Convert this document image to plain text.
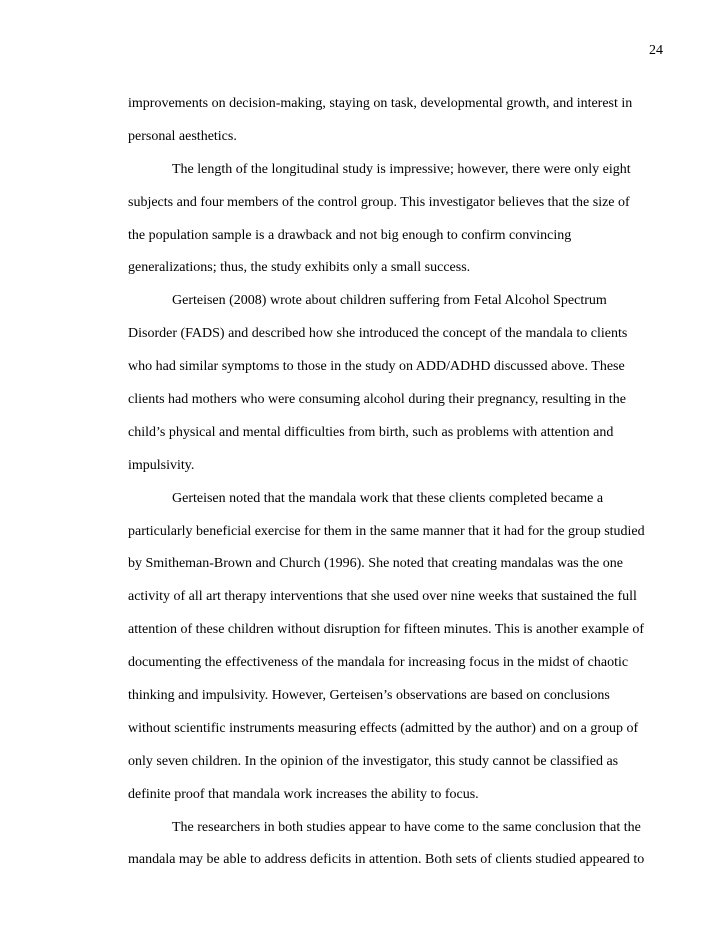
24
improvements on decision-making, staying on task, developmental growth, and interest in
personal aesthetics.
The length of the longitudinal study is impressive; however, there were only eight
subjects and four members of the control group. This investigator believes that the size of
the population sample is a drawback and not big enough to confirm convincing
generalizations; thus, the study exhibits only a small success.
Gerteisen (2008) wrote about children suffering from Fetal Alcohol Spectrum
Disorder (FADS) and described how she introduced the concept of the mandala to clients
who had similar symptoms to those in the study on ADD/ADHD discussed above. These
clients had mothers who were consuming alcohol during their pregnancy, resulting in the
child’s physical and mental difficulties from birth, such as problems with attention and
impulsivity.
Gerteisen noted that the mandala work that these clients completed became a
particularly beneficial exercise for them in the same manner that it had for the group studied
by Smitheman-Brown and Church (1996). She noted that creating mandalas was the one
activity of all art therapy interventions that she used over nine weeks that sustained the full
attention of these children without disruption for fifteen minutes. This is another example of
documenting the effectiveness of the mandala for increasing focus in the midst of chaotic
thinking and impulsivity. However, Gerteisen’s observations are based on conclusions
without scientific instruments measuring effects (admitted by the author) and on a group of
only seven children. In the opinion of the investigator, this study cannot be classified as
definite proof that mandala work increases the ability to focus.
The researchers in both studies appear to have come to the same conclusion that the
mandala may be able to address deficits in attention. Both sets of clients studied appeared to
